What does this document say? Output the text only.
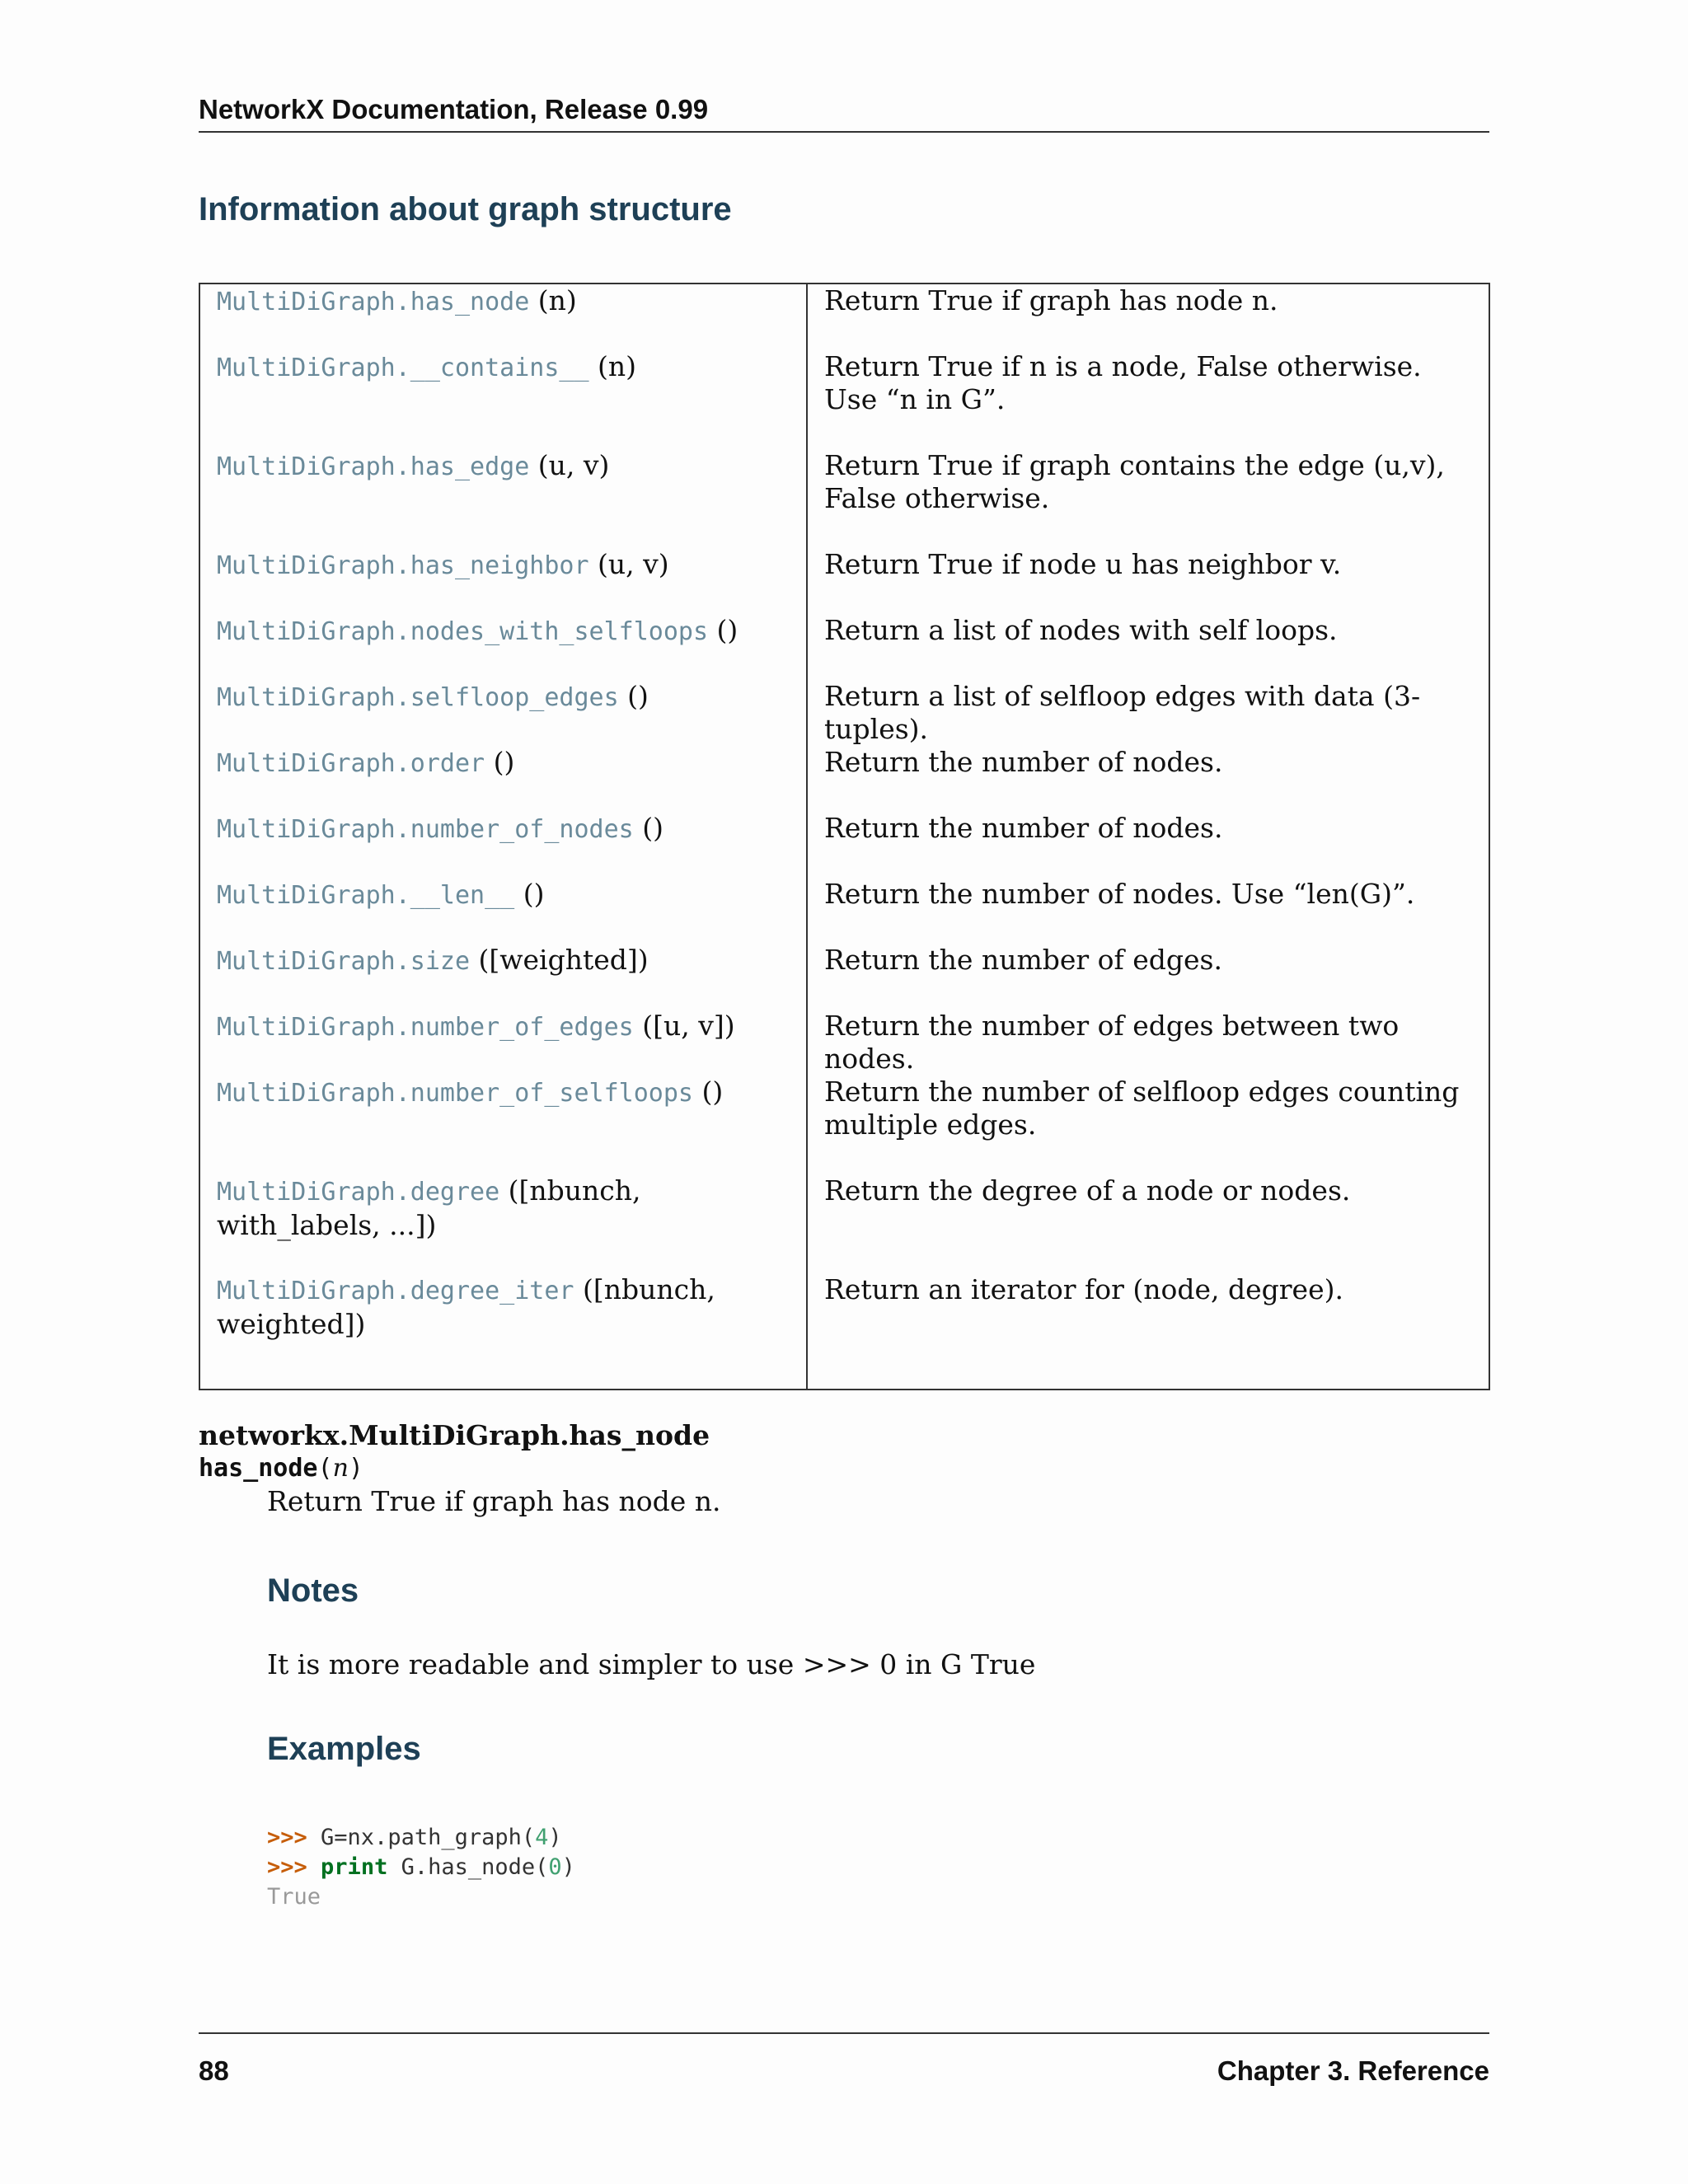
NetworkX Documentation, Release 0.99
Information about graph structure
MultiDiGraph.has_node (n)	Return True if graph has node n.
MultiDiGraph.__contains__ (n)	Return True if n is a node, False otherwise. Use “n in G”.
MultiDiGraph.has_edge (u, v)	Return True if graph contains the edge (u,v), False otherwise.
MultiDiGraph.has_neighbor (u, v)	Return True if node u has neighbor v.
MultiDiGraph.nodes_with_selfloops ()	Return a list of nodes with self loops.
MultiDiGraph.selfloop_edges ()	Return a list of selfloop edges with data (3-tuples).
MultiDiGraph.order ()	Return the number of nodes.
MultiDiGraph.number_of_nodes ()	Return the number of nodes.
MultiDiGraph.__len__ ()	Return the number of nodes. Use “len(G)”.
MultiDiGraph.size ([weighted])	Return the number of edges.
MultiDiGraph.number_of_edges ([u, v])	Return the number of edges between two nodes.
MultiDiGraph.number_of_selfloops ()	Return the number of selfloop edges counting multiple edges.
MultiDiGraph.degree ([nbunch, with_labels, ...])	Return the degree of a node or nodes.
MultiDiGraph.degree_iter ([nbunch, weighted])	Return an iterator for (node, degree).
networkx.MultiDiGraph.has_node
has_node(n)
Return True if graph has node n.
Notes
It is more readable and simpler to use >>> 0 in G True
Examples
>>> G=nx.path_graph(4)
>>> print G.has_node(0)
True
88	Chapter 3. Reference
